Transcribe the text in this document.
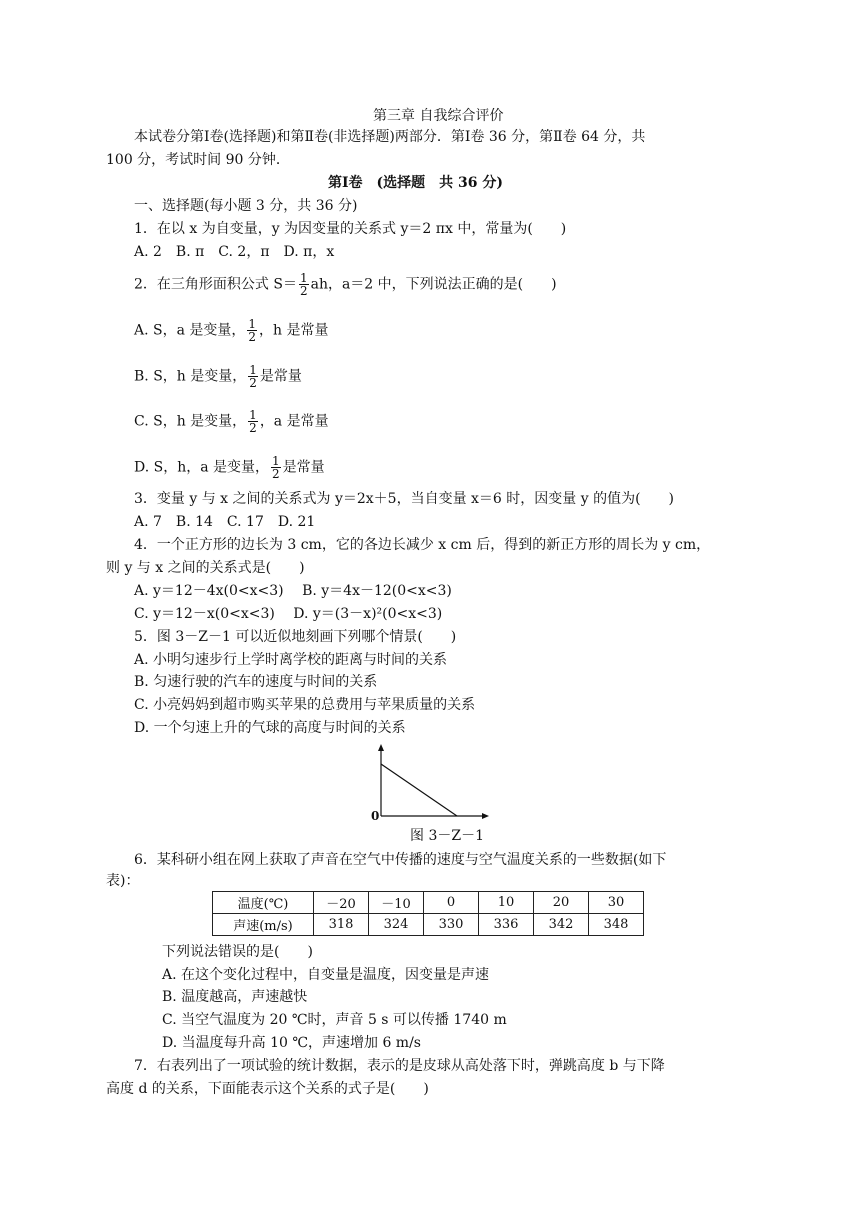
第三章 自我综合评价
本试卷分第Ⅰ卷(选择题)和第Ⅱ卷(非选择题)两部分．第Ⅰ卷 36 分，第Ⅱ卷 64 分，共
100 分，考试时间 90 分钟．
第Ⅰ卷　(选择题　共 36 分)
一、选择题(每小题 3 分，共 36 分)
1．在以 x 为自变量，y 为因变量的关系式 y＝2 πx 中，常量为(　　)
A. 2　B. π　C. 2，π　D. π，x
2．在三角形面积公式 $S= \frac{1}{2}$ ah，a＝2 中，下列说法正确的是(　　)
A. S，a 是变量， $\frac{1}{2}$ ，h 是常量
B. S，h 是变量， $\frac{1}{2}$ 是常量
C. S，h 是变量， $\frac{1}{2}$ ，a 是常量
D. S，h，a 是变量， $\frac{1}{2}$ 是常量
3．变量 y 与 x 之间的关系式为 y＝2x＋5，当自变量 x＝6 时，因变量 y 的值为(　　)
A. 7　B. 14　C. 17　D. 21
4．一个正方形的边长为 3 cm，它的各边长减少 x cm 后，得到的新正方形的周长为 y cm，
则 y 与 x 之间的关系式是(　　)
A. y＝12－4x(0<x<3)　 B. y＝4x－12(0<x<3)
C. y＝12－x(0<x<3)　 D. y＝(3－x)²(0<x<3)
5．图 3－Z－1 可以近似地刻画下列哪个情景(　　)
A. 小明匀速步行上学时离学校的距离与时间的关系
B. 匀速行驶的汽车的速度与时间的关系
C. 小亮妈妈到超市购买苹果的总费用与苹果质量的关系
D. 一个匀速上升的气球的高度与时间的关系
0
图 3－Z－1
6．某科研小组在网上获取了声音在空气中传播的速度与空气温度关系的一些数据(如下
表)：
温度(℃)	－20	－10	0	10	20	30
声速(m/s)	318	324	330	336	342	348
下列说法错误的是(　　)
A. 在这个变化过程中，自变量是温度，因变量是声速
B. 温度越高，声速越快
C. 当空气温度为 20 ℃时，声音 5 s 可以传播 1740 m
D. 当温度每升高 10 ℃，声速增加 6 m/s
7．右表列出了一项试验的统计数据，表示的是皮球从高处落下时，弹跳高度 b 与下降
高度 d 的关系，下面能表示这个关系的式子是(　　)
